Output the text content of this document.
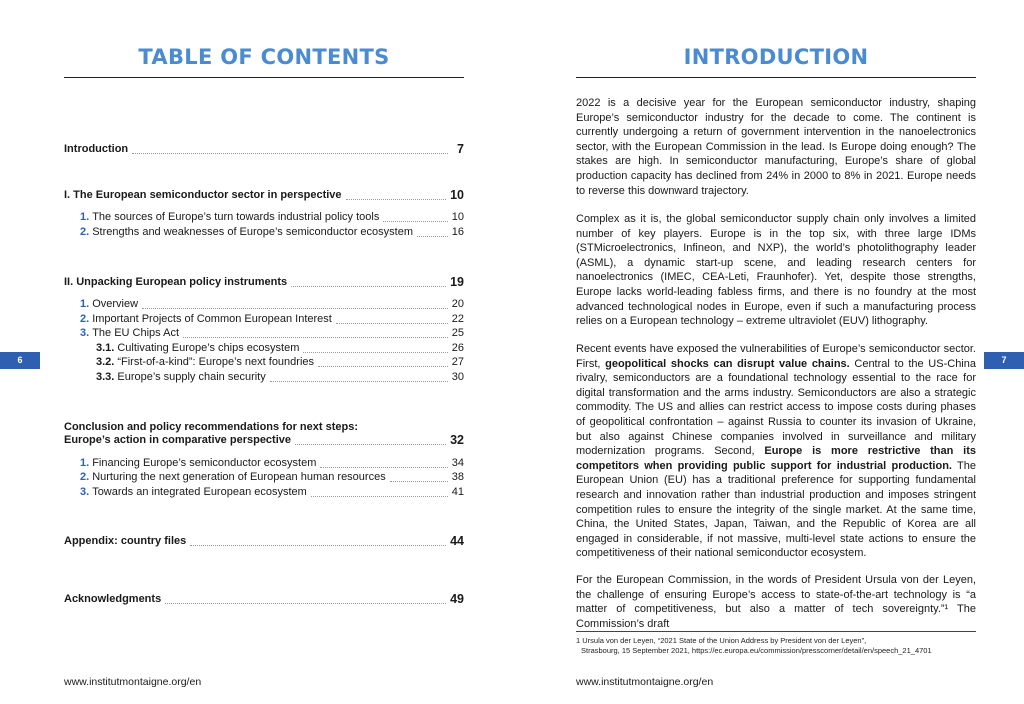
TABLE OF CONTENTS
Introduction	7
I. The European semiconductor sector in perspective	10
1. The sources of Europe’s turn towards industrial policy tools	10
2. Strengths and weaknesses of Europe’s semiconductor ecosystem	16
II. Unpacking European policy instruments	19
1. Overview	20
2. Important Projects of Common European Interest	22
3. The EU Chips Act	25
3.1. Cultivating Europe’s chips ecosystem	26
3.2. “First-of-a-kind”: Europe’s next foundries	27
3.3. Europe’s supply chain security	30
Conclusion and policy recommendations for next steps:
Europe’s action in comparative perspective	32
1. Financing Europe’s semiconductor ecosystem	34
2. Nurturing the next generation of European human resources	38
3. Towards an integrated European ecosystem	41
Appendix: country files	44
Acknowledgments	49
6
www.institutmontaigne.org/en
INTRODUCTION

2022 is a decisive year for the European semiconductor industry, shaping Europe’s semiconductor industry for the decade to come. The continent is currently undergoing a return of government intervention in the nanoelectronics sector, with the European Commission in the lead. Is Europe doing enough? The stakes are high. In semiconductor manufacturing, Europe’s share of global production capacity has declined from 24% in 2000 to 8% in 2021. Europe needs to reverse this downward trajectory.

Complex as it is, the global semiconductor supply chain only involves a limited number of key players. Europe is in the top six, with three large IDMs (STMicroelectronics, Infineon, and NXP), the world’s photolithography leader (ASML), a dynamic start-up scene, and leading research centers for nanoelectronics (IMEC, CEA-Leti, Fraunhofer). Yet, despite those strengths, Europe lacks world-leading fabless firms, and there is no foundry at the most advanced technological nodes in Europe, even if such a manufacturing process relies on a European technology – extreme ultraviolet (EUV) lithography.

Recent events have exposed the vulnerabilities of Europe’s semiconductor sector. First, geopolitical shocks can disrupt value chains. Central to the US-China rivalry, semiconductors are a foundational technology essential to the race for digital transformation and the arms industry. Semiconductors are also a strategic commodity. The US and allies can restrict access to impose costs during phases of geopolitical confrontation – against Russia to counter its invasion of Ukraine, but also against Chinese companies involved in surveillance and military modernization programs. Second, Europe is more restrictive than its competitors when providing public support for industrial production. The European Union (EU) has a traditional preference for supporting fundamental research and innovation rather than industrial production and imposes stringent competition rules to ensure the integrity of the single market. At the same time, China, the United States, Japan, Taiwan, and the Republic of Korea are all engaged in considerable, if not massive, multi-level state actions to ensure the competitiveness of their national semiconductor ecosystem.

For the European Commission, in the words of President Ursula von der Leyen, the challenge of ensuring Europe’s access to state-of-the-art technology is “a matter of competitiveness, but also a matter of tech sovereignty.”¹ The Commission’s draft

1 Ursula von der Leyen, “2021 State of the Union Address by President von der Leyen”,
Strasbourg, 15 September 2021, https://ec.europa.eu/commission/presscorner/detail/en/speech_21_4701
7
www.institutmontaigne.org/en
